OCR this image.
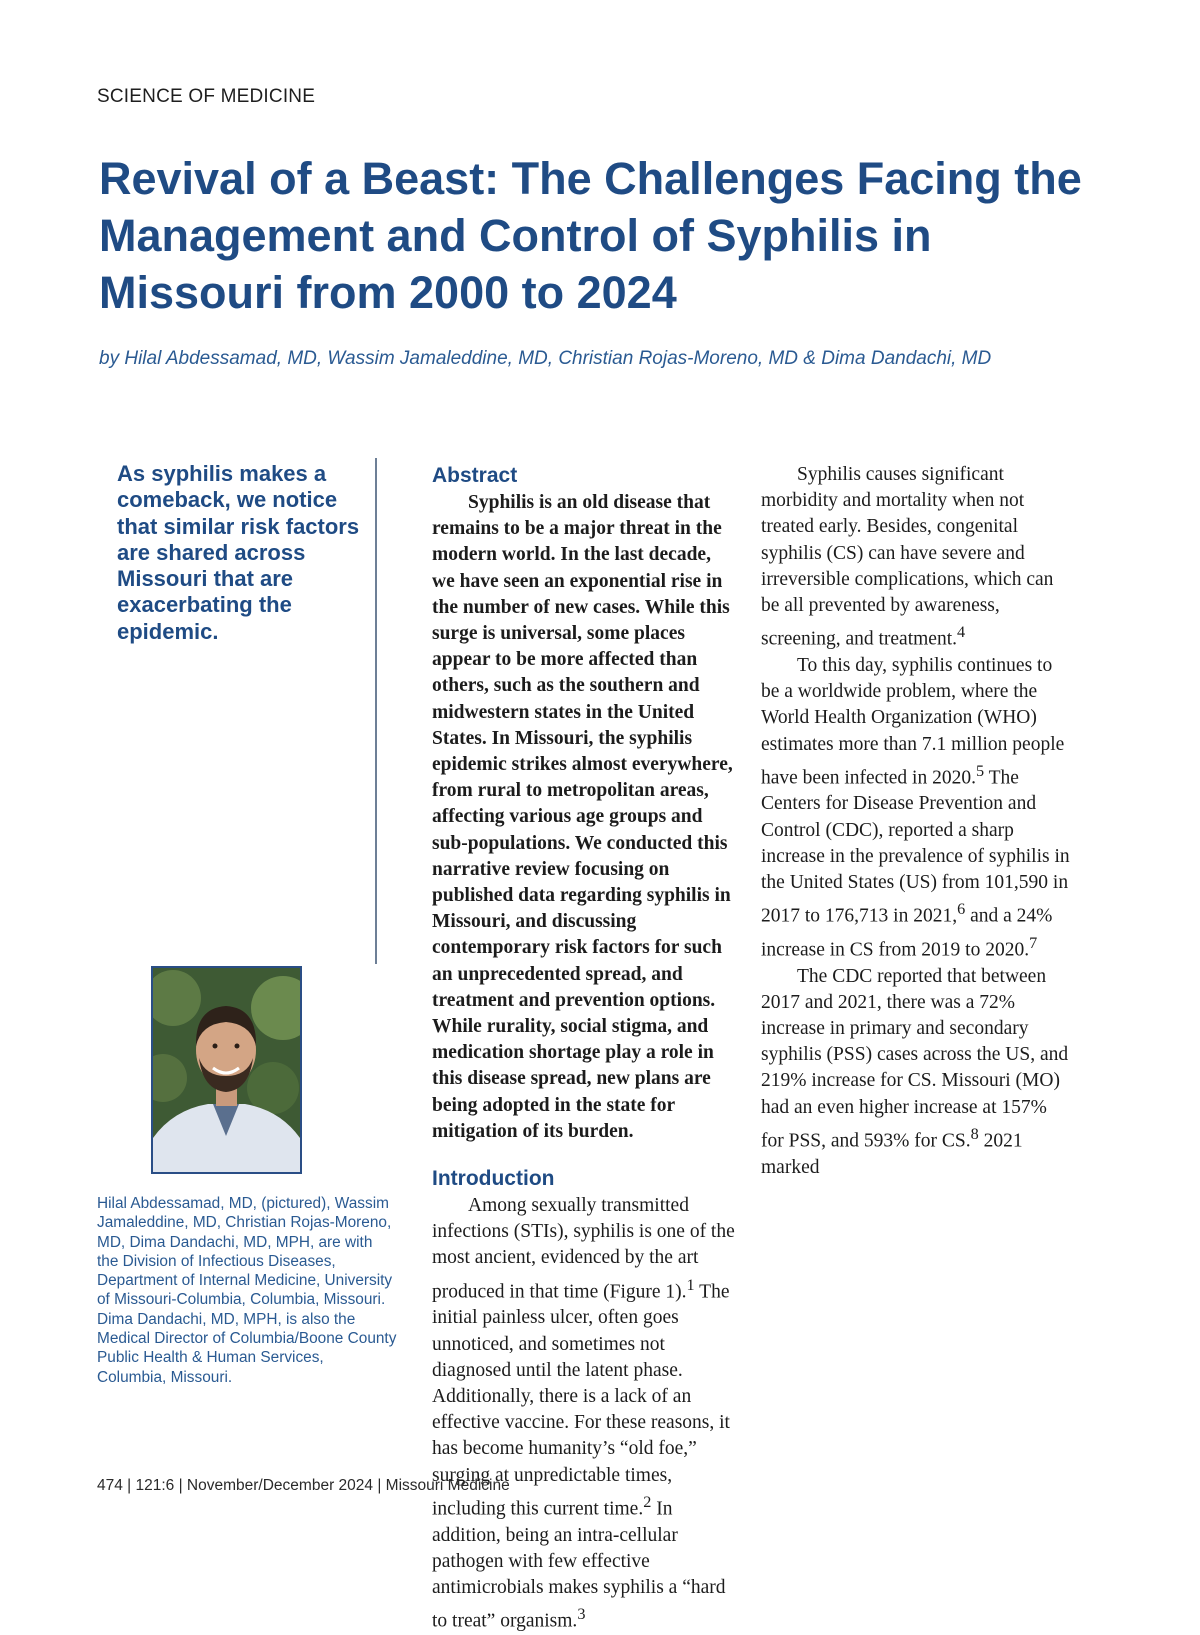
SCIENCE OF MEDICINE
Revival of a Beast: The Challenges Facing the Management and Control of Syphilis in Missouri from 2000 to 2024
by Hilal Abdessamad, MD, Wassim Jamaleddine, MD, Christian Rojas-Moreno, MD & Dima Dandachi, MD
As syphilis makes a comeback, we notice that similar risk factors are shared across Missouri that are exacerbating the epidemic.
Hilal Abdessamad, MD, (pictured), Wassim Jamaleddine, MD, Christian Rojas-Moreno, MD, Dima Dandachi, MD, MPH, are with the Division of Infectious Diseases, Department of Internal Medicine, University of Missouri-Columbia, Columbia, Missouri. Dima Dandachi, MD, MPH, is also the Medical Director of Columbia/Boone County Public Health & Human Services, Columbia, Missouri.
Abstract

Syphilis is an old disease that remains to be a major threat in the modern world. In the last decade, we have seen an exponential rise in the number of new cases. While this surge is universal, some places appear to be more affected than others, such as the southern and midwestern states in the United States. In Missouri, the syphilis epidemic strikes almost everywhere, from rural to metropolitan areas, affecting various age groups and sub-populations. We conducted this narrative review focusing on published data regarding syphilis in Missouri, and discussing contemporary risk factors for such an unprecedented spread, and treatment and prevention options. While rurality, social stigma, and medication shortage play a role in this disease spread, new plans are being adopted in the state for mitigation of its burden.

Introduction

Among sexually transmitted infections (STIs), syphilis is one of the most ancient, evidenced by the art produced in that time (Figure 1).$^1$ The initial painless ulcer, often goes unnoticed, and sometimes not diagnosed until the latent phase. Additionally, there is a lack of an effective vaccine. For these reasons, it has become humanity’s “old foe,” surging at unpredictable times, including this current time.$^2$ In addition, being an intra-cellular pathogen with few effective antimicrobials makes syphilis a “hard to treat” organism.$^3$

Syphilis causes significant morbidity and mortality when not treated early. Besides, congenital syphilis (CS) can have severe and irreversible complications, which can be all prevented by awareness, screening, and treatment.$^4$

To this day, syphilis continues to be a worldwide problem, where the World Health Organization (WHO) estimates more than 7.1 million people have been infected in 2020.$^5$ The Centers for Disease Prevention and Control (CDC), reported a sharp increase in the prevalence of syphilis in the United States (US) from 101,590 in 2017 to 176,713 in 2021,$^6$ and a 24% increase in CS from 2019 to 2020.$^7$

The CDC reported that between 2017 and 2021, there was a 72% increase in primary and secondary syphilis (PSS) cases across the US, and 219% increase for CS. Missouri (MO) had an even higher increase at 157% for PSS, and 593% for CS.$^8$ 2021 marked

474 | 121:6 | November/December 2024 | Missouri Medicine
